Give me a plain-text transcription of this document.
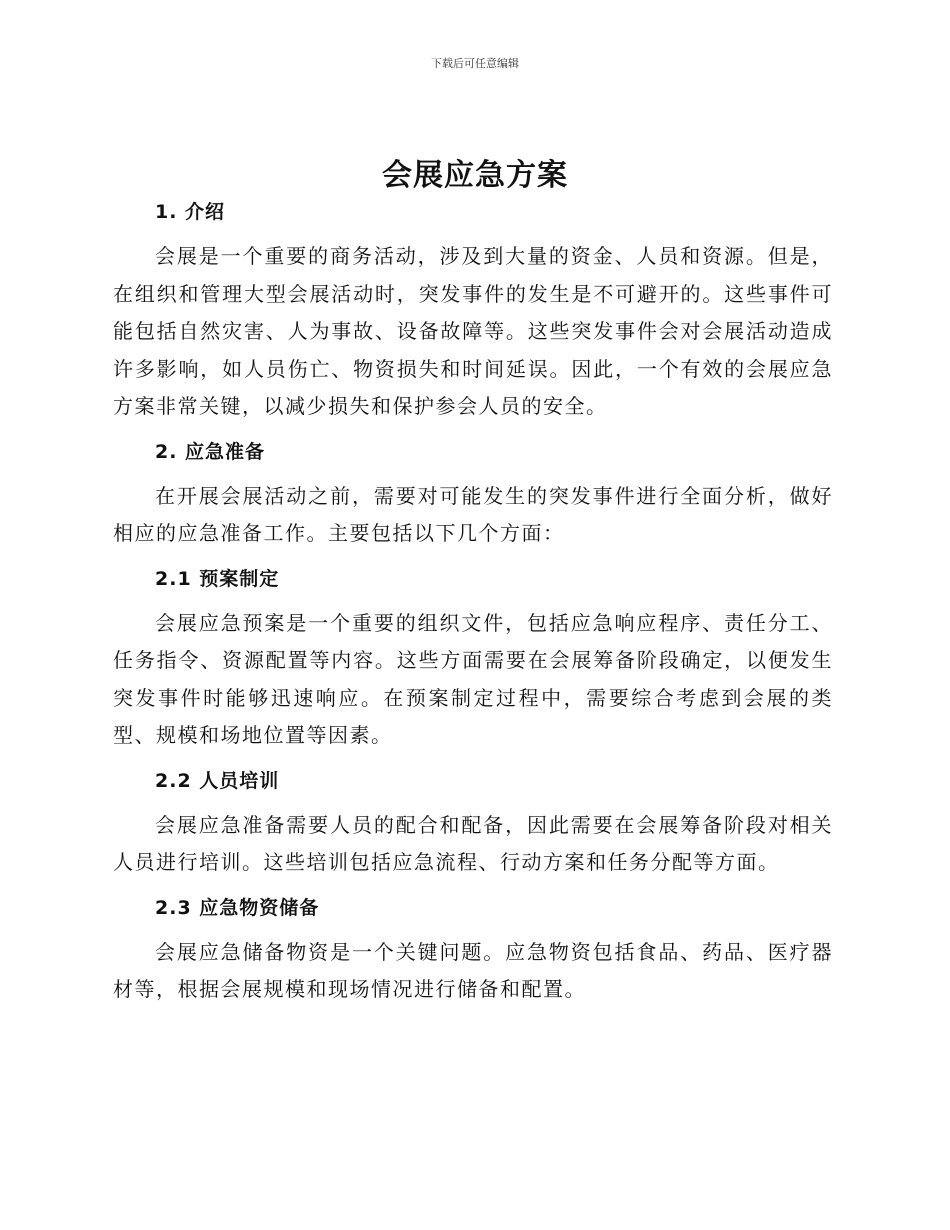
下载后可任意编辑
会展应急方案
1. 介绍

会展是一个重要的商务活动，涉及到大量的资金、人员和资源。但是，在组织和管理大型会展活动时，突发事件的发生是不可避开的。这些事件可能包括自然灾害、人为事故、设备故障等。这些突发事件会对会展活动造成许多影响，如人员伤亡、物资损失和时间延误。因此，一个有效的会展应急方案非常关键，以减少损失和保护参会人员的安全。

2. 应急准备

在开展会展活动之前，需要对可能发生的突发事件进行全面分析，做好相应的应急准备工作。主要包括以下几个方面：

2.1 预案制定

会展应急预案是一个重要的组织文件，包括应急响应程序、责任分工、任务指令、资源配置等内容。这些方面需要在会展筹备阶段确定，以便发生突发事件时能够迅速响应。在预案制定过程中，需要综合考虑到会展的类型、规模和场地位置等因素。

2.2 人员培训

会展应急准备需要人员的配合和配备，因此需要在会展筹备阶段对相关人员进行培训。这些培训包括应急流程、行动方案和任务分配等方面。

2.3 应急物资储备

会展应急储备物资是一个关键问题。应急物资包括食品、药品、医疗器材等，根据会展规模和现场情况进行储备和配置。
